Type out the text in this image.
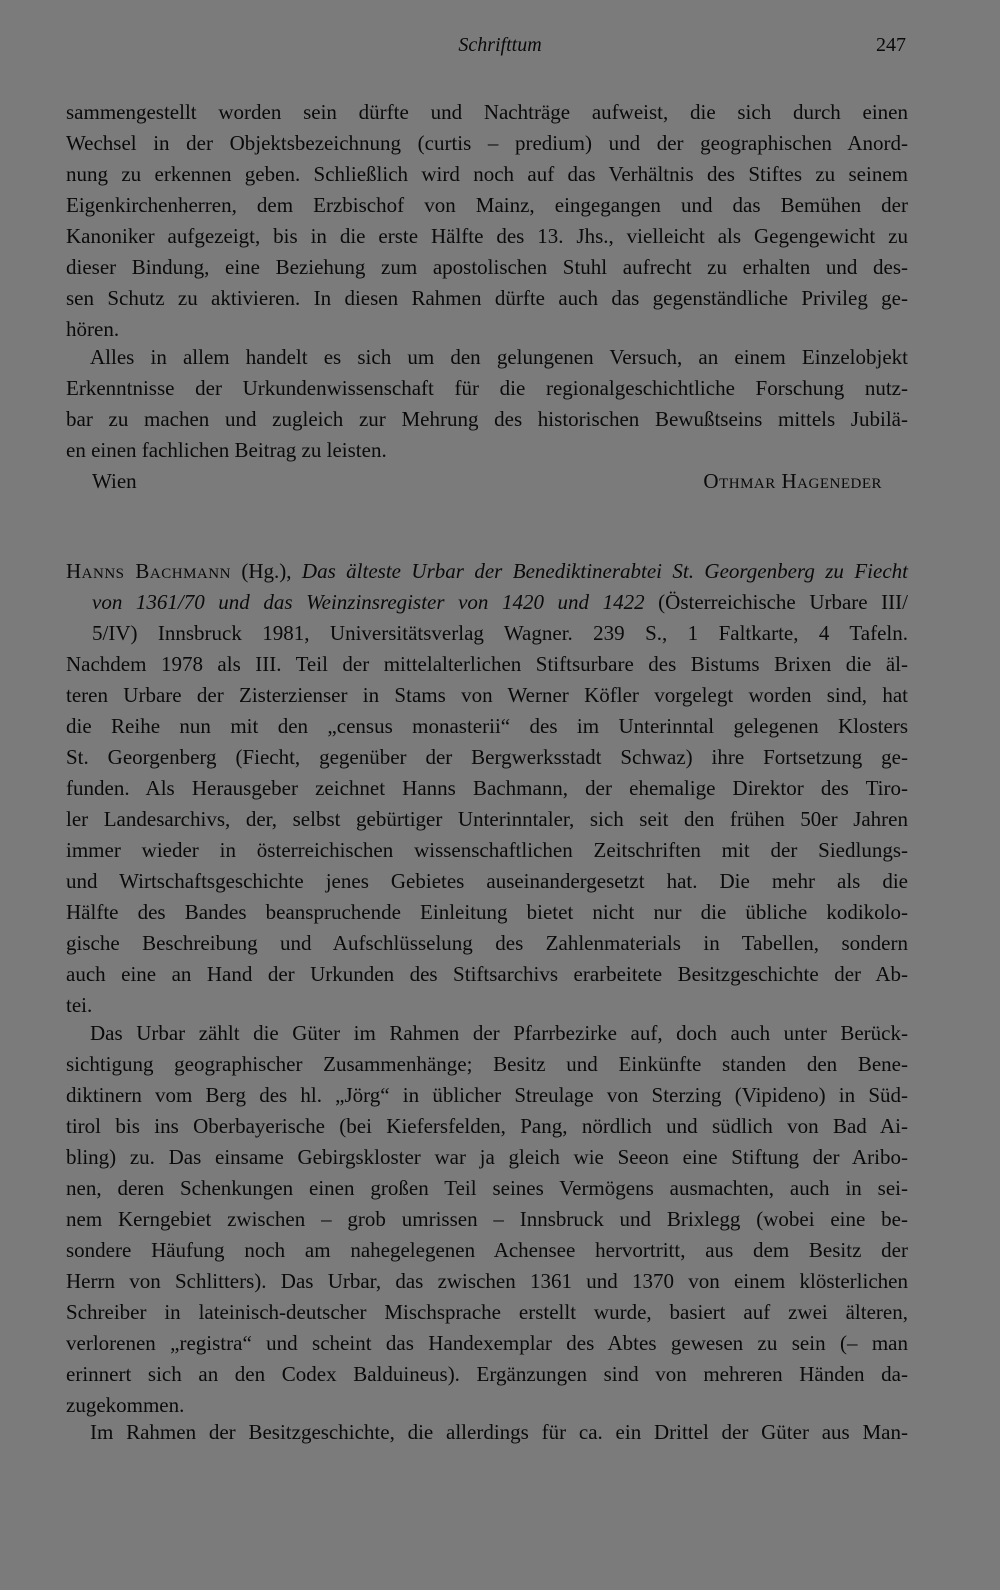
Schrifttum	247
sammengestellt worden sein dürfte und Nachträge aufweist, die sich durch einen
Wechsel in der Objektsbezeichnung (curtis – predium) und der geographischen Anord-
nung zu erkennen geben. Schließlich wird noch auf das Verhältnis des Stiftes zu seinem
Eigenkirchenherren, dem Erzbischof von Mainz, eingegangen und das Bemühen der
Kanoniker aufgezeigt, bis in die erste Hälfte des 13. Jhs., vielleicht als Gegengewicht zu
dieser Bindung, eine Beziehung zum apostolischen Stuhl aufrecht zu erhalten und des-
sen Schutz zu aktivieren. In diesen Rahmen dürfte auch das gegenständliche Privileg ge-
hören.
Alles in allem handelt es sich um den gelungenen Versuch, an einem Einzelobjekt
Erkenntnisse der Urkundenwissenschaft für die regionalgeschichtliche Forschung nutz-
bar zu machen und zugleich zur Mehrung des historischen Bewußtseins mittels Jubilä-
en einen fachlichen Beitrag zu leisten.
Wien	Othmar Hageneder
Hanns Bachmann (Hg.), Das älteste Urbar der Benediktinerabtei St. Georgenberg zu Fiecht
von 1361/70 und das Weinzinsregister von 1420 und 1422 (Österreichische Urbare III/
5/IV) Innsbruck 1981, Universitätsverlag Wagner. 239 S., 1 Faltkarte, 4 Tafeln.
Nachdem 1978 als III. Teil der mittelalterlichen Stiftsurbare des Bistums Brixen die äl-
teren Urbare der Zisterzienser in Stams von Werner Köfler vorgelegt worden sind, hat
die Reihe nun mit den „census monasterii“ des im Unterinntal gelegenen Klosters
St. Georgenberg (Fiecht, gegenüber der Bergwerksstadt Schwaz) ihre Fortsetzung ge-
funden. Als Herausgeber zeichnet Hanns Bachmann, der ehemalige Direktor des Tiro-
ler Landesarchivs, der, selbst gebürtiger Unterinntaler, sich seit den frühen 50er Jahren
immer wieder in österreichischen wissenschaftlichen Zeitschriften mit der Siedlungs-
und Wirtschaftsgeschichte jenes Gebietes auseinandergesetzt hat. Die mehr als die
Hälfte des Bandes beanspruchende Einleitung bietet nicht nur die übliche kodikolo-
gische Beschreibung und Aufschlüsselung des Zahlenmaterials in Tabellen, sondern
auch eine an Hand der Urkunden des Stiftsarchivs erarbeitete Besitzgeschichte der Ab-
tei.
Das Urbar zählt die Güter im Rahmen der Pfarrbezirke auf, doch auch unter Berück-
sichtigung geographischer Zusammenhänge; Besitz und Einkünfte standen den Bene-
diktinern vom Berg des hl. „Jörg“ in üblicher Streulage von Sterzing (Vipideno) in Süd-
tirol bis ins Oberbayerische (bei Kiefersfelden, Pang, nördlich und südlich von Bad Ai-
bling) zu. Das einsame Gebirgskloster war ja gleich wie Seeon eine Stiftung der Aribo-
nen, deren Schenkungen einen großen Teil seines Vermögens ausmachten, auch in sei-
nem Kerngebiet zwischen – grob umrissen – Innsbruck und Brixlegg (wobei eine be-
sondere Häufung noch am nahegelegenen Achensee hervortritt, aus dem Besitz der
Herrn von Schlitters). Das Urbar, das zwischen 1361 und 1370 von einem klösterlichen
Schreiber in lateinisch-deutscher Mischsprache erstellt wurde, basiert auf zwei älteren,
verlorenen „registra“ und scheint das Handexemplar des Abtes gewesen zu sein (– man
erinnert sich an den Codex Balduineus). Ergänzungen sind von mehreren Händen da-
zugekommen.
Im Rahmen der Besitzgeschichte, die allerdings für ca. ein Drittel der Güter aus Man-
